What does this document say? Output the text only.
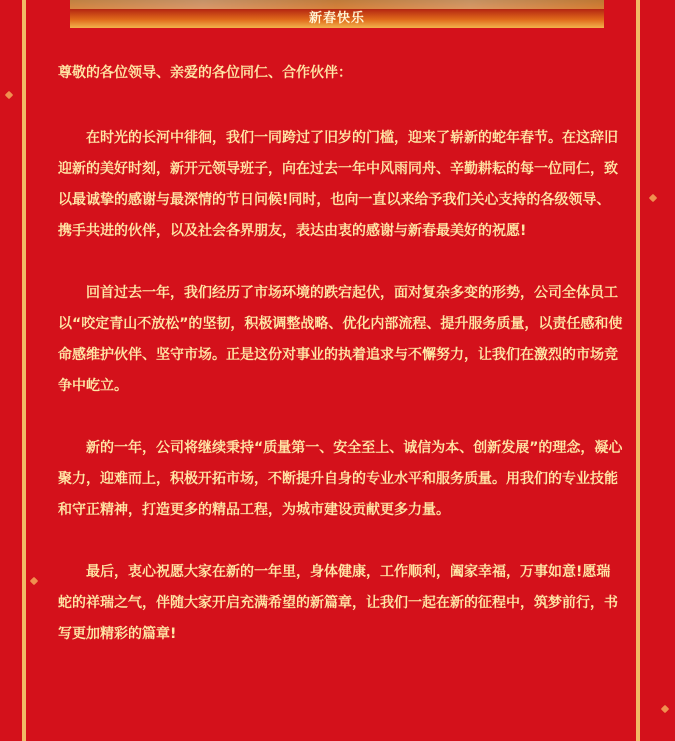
新春快乐
尊敬的各位领导、亲爱的各位同仁、合作伙伴：
在时光的长河中徘徊，我们一同跨过了旧岁的门槛，迎来了崭新的蛇年春节。在这辞旧迎新的美好时刻，新开元领导班子，向在过去一年中风雨同舟、辛勤耕耘的每一位同仁，致以最诚挚的感谢与最深情的节日问候!同时，也向一直以来给予我们关心支持的各级领导、携手共进的伙伴，以及社会各界朋友，表达由衷的感谢与新春最美好的祝愿!
回首过去一年，我们经历了市场环境的跌宕起伏，面对复杂多变的形势，公司全体员工以“咬定青山不放松”的坚韧，积极调整战略、优化内部流程、提升服务质量，以责任感和使命感维护伙伴、坚守市场。正是这份对事业的执着追求与不懈努力，让我们在激烈的市场竞争中屹立。
新的一年，公司将继续秉持“质量第一、安全至上、诚信为本、创新发展”的理念，凝心聚力，迎难而上，积极开拓市场，不断提升自身的专业水平和服务质量。用我们的专业技能和守正精神，打造更多的精品工程，为城市建设贡献更多力量。
最后，衷心祝愿大家在新的一年里，身体健康，工作顺利，阖家幸福，万事如意!愿瑞蛇的祥瑞之气，伴随大家开启充满希望的新篇章，让我们一起在新的征程中，筑梦前行，书写更加精彩的篇章!
